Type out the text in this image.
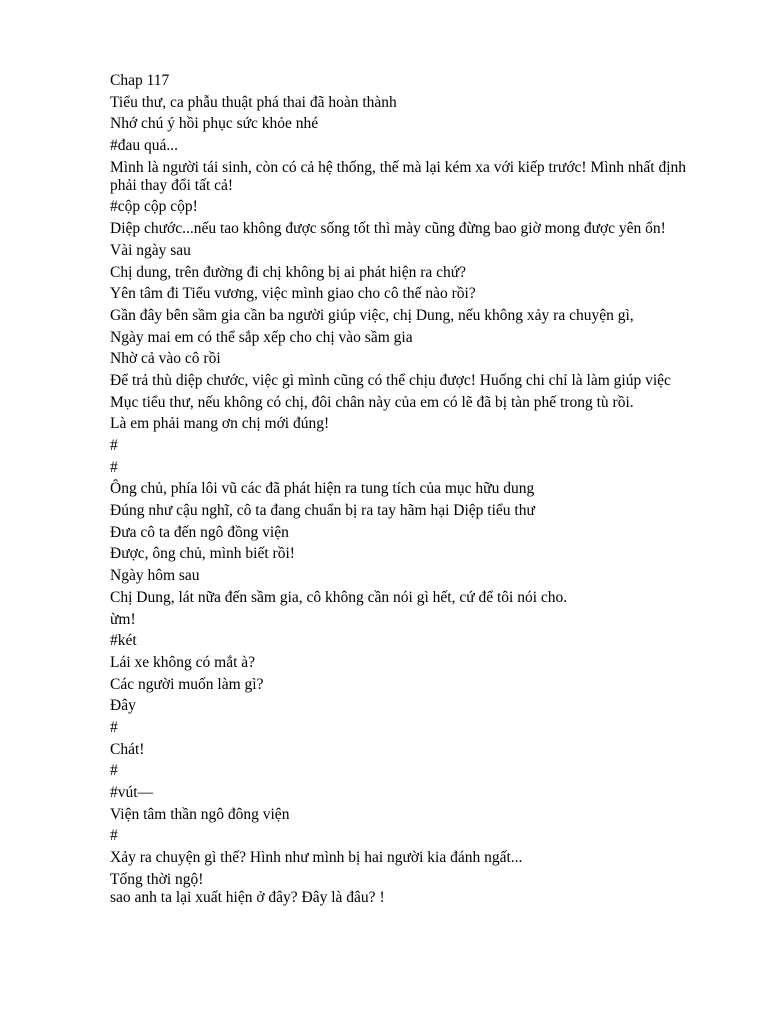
Chap 117

Tiểu thư, ca phẫu thuật phá thai đã hoàn thành

Nhớ chú ý hồi phục sức khỏe nhé

#đau quá...

Mình là người tái sinh, còn có cả hệ thống, thế mà lại kém xa với kiếp trước! Mình nhất định phải thay đổi tất cả!

#cộp cộp cộp!

Diệp chước...nếu tao không được sống tốt thì mày cũng đừng bao giờ mong được yên ổn!

Vài ngày sau

Chị dung, trên đường đi chị không bị ai phát hiện ra chứ?

Yên tâm đi Tiểu vương, việc mình giao cho cô thế nào rồi?

Gần đây bên sầm gia cần ba người giúp việc, chị Dung, nếu không xảy ra chuyện gì,

Ngày mai em có thể sắp xếp cho chị vào sầm gia

Nhờ cả vào cô rồi

Để trả thù diệp chước, việc gì mình cũng có thể chịu được! Huống chi chỉ là làm giúp việc

Mục tiểu thư, nếu không có chị, đôi chân này của em có lẽ đã bị tàn phế trong tù rồi.

Là em phải mang ơn chị mới đúng!

#

#

Ông chủ, phía lôi vũ các đã phát hiện ra tung tích của mục hữu dung

Đúng như cậu nghĩ, cô ta đang chuẩn bị ra tay hãm hại Diệp tiểu thư

Đưa cô ta đến ngô đồng viện

Được, ông chủ, mình biết rồi!

Ngày hôm sau

Chị Dung, lát nữa đến sầm gia, cô không cần nói gì hết, cứ để tôi nói cho.

ừm!

#két

Lái xe không có mắt à?

Các người muốn làm gì?

Đây

#

Chát!

#

#vút—

Viện tâm thần ngô đông viện

#

Xảy ra chuyện gì thế? Hình như mình bị hai người kia đánh ngất...

Tống thời ngộ!

sao anh ta lại xuất hiện ở đây? Đây là đâu? !
